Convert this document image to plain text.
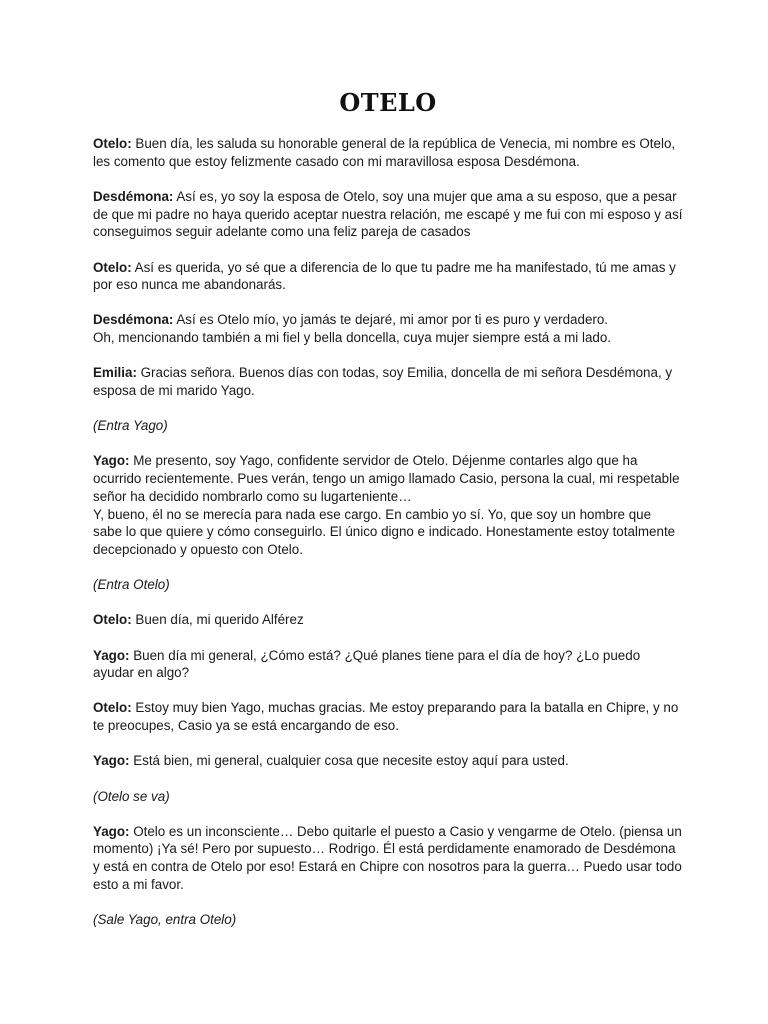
OTELO
Otelo: Buen día, les saluda su honorable general de la república de Venecia, mi nombre es Otelo, les comento que estoy felizmente casado con mi maravillosa esposa Desdémona.
Desdémona: Así es, yo soy la esposa de Otelo, soy una mujer que ama a su esposo, que a pesar de que mi padre no haya querido aceptar nuestra relación, me escapé y me fui con mi esposo y así conseguimos seguir adelante como una feliz pareja de casados
Otelo: Así es querida, yo sé que a diferencia de lo que tu padre me ha manifestado, tú me amas y por eso nunca me abandonarás.
Desdémona: Así es Otelo mío, yo jamás te dejaré, mi amor por ti es puro y verdadero.
Oh, mencionando también a mi fiel y bella doncella, cuya mujer siempre está a mi lado.
Emilia: Gracias señora. Buenos días con todas, soy Emilia, doncella de mi señora Desdémona, y esposa de mi marido Yago.
(Entra Yago)
Yago: Me presento, soy Yago, confidente servidor de Otelo. Déjenme contarles algo que ha ocurrido recientemente. Pues verán, tengo un amigo llamado Casio, persona la cual, mi respetable señor ha decidido nombrarlo como su lugarteniente…
Y, bueno, él no se merecía para nada ese cargo. En cambio yo sí. Yo, que soy un hombre que sabe lo que quiere y cómo conseguirlo. El único digno e indicado. Honestamente estoy totalmente decepcionado y opuesto con Otelo.
(Entra Otelo)
Otelo: Buen día, mi querido Alférez
Yago: Buen día mi general, ¿Cómo está? ¿Qué planes tiene para el día de hoy? ¿Lo puedo ayudar en algo?
Otelo: Estoy muy bien Yago, muchas gracias. Me estoy preparando para la batalla en Chipre, y no te preocupes, Casio ya se está encargando de eso.
Yago: Está bien, mi general, cualquier cosa que necesite estoy aquí para usted.
(Otelo se va)
Yago: Otelo es un inconsciente… Debo quitarle el puesto a Casio y vengarme de Otelo. (piensa un momento) ¡Ya sé! Pero por supuesto… Rodrigo. Él está perdidamente enamorado de Desdémona y está en contra de Otelo por eso! Estará en Chipre con nosotros para la guerra… Puedo usar todo esto a mi favor.
(Sale Yago, entra Otelo)
